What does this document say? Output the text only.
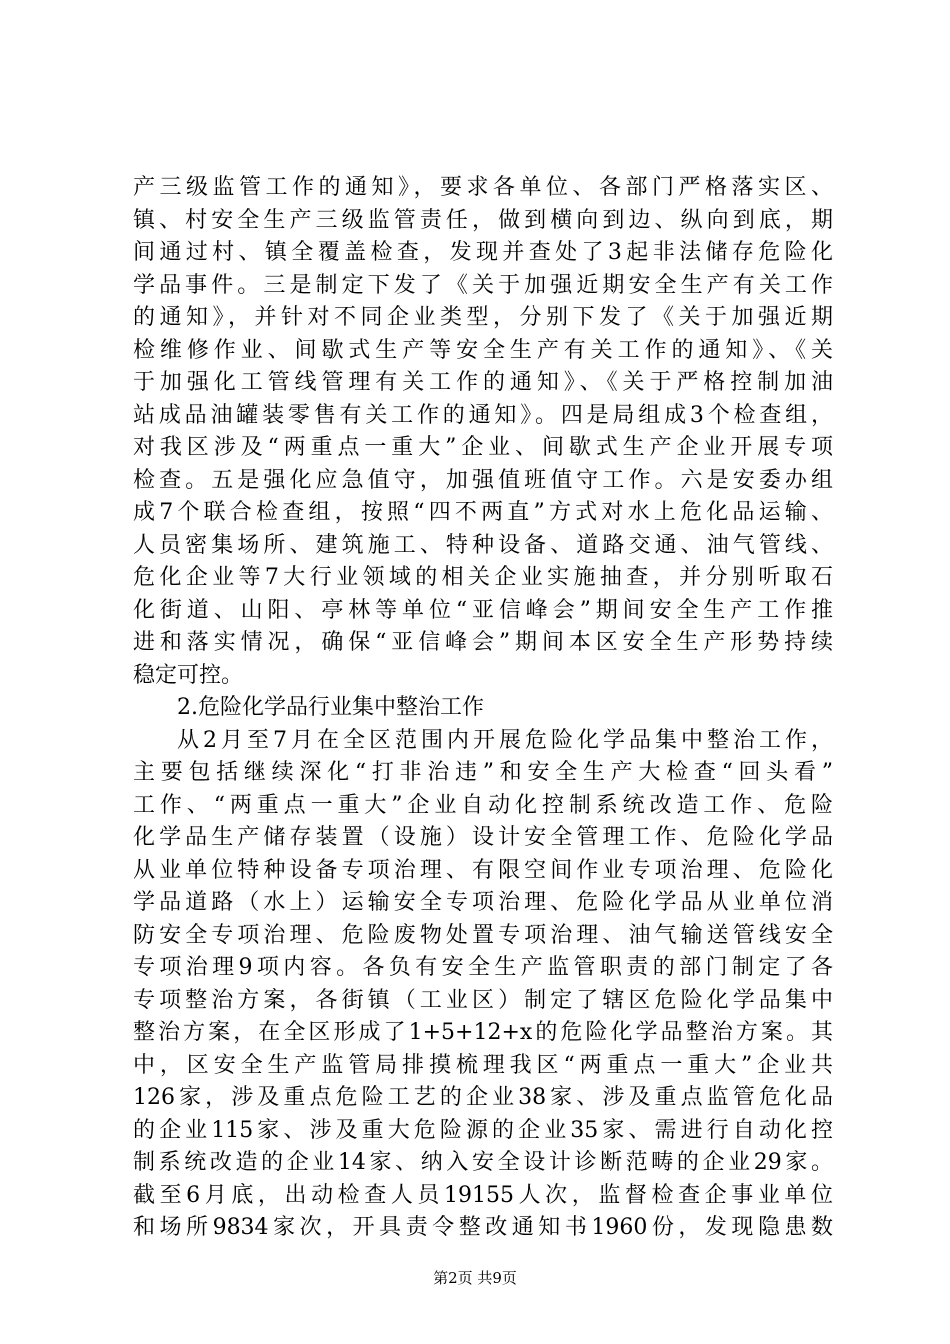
产三级监管工作的通知》，要求各单位、各部门严格落实区、
镇、村安全生产三级监管责任，做到横向到边、纵向到底，期
间通过村、镇全覆盖检查，发现并查处了3起非法储存危险化
学品事件。三是制定下发了《关于加强近期安全生产有关工作
的通知》，并针对不同企业类型，分别下发了《关于加强近期
检维修作业、间歇式生产等安全生产有关工作的通知》、《关
于加强化工管线管理有关工作的通知》、《关于严格控制加油
站成品油罐装零售有关工作的通知》。四是局组成3个检查组，
对我区涉及“两重点一重大”企业、间歇式生产企业开展专项
检查。五是强化应急值守，加强值班值守工作。六是安委办组
成7个联合检查组，按照“四不两直”方式对水上危化品运输、
人员密集场所、建筑施工、特种设备、道路交通、油气管线、
危化企业等7大行业领域的相关企业实施抽查，并分别听取石
化街道、山阳、亭林等单位“亚信峰会”期间安全生产工作推
进和落实情况，确保“亚信峰会”期间本区安全生产形势持续
稳定可控。
2.危险化学品行业集中整治工作
从2月至7月在全区范围内开展危险化学品集中整治工作，
主要包括继续深化“打非治违”和安全生产大检查“回头看”
工作、“两重点一重大”企业自动化控制系统改造工作、危险
化学品生产储存装置（设施）设计安全管理工作、危险化学品
从业单位特种设备专项治理、有限空间作业专项治理、危险化
学品道路（水上）运输安全专项治理、危险化学品从业单位消
防安全专项治理、危险废物处置专项治理、油气输送管线安全
专项治理9项内容。各负有安全生产监管职责的部门制定了各
专项整治方案，各街镇（工业区）制定了辖区危险化学品集中
整治方案，在全区形成了1+5+12+x的危险化学品整治方案。其
中，区安全生产监管局排摸梳理我区“两重点一重大”企业共
126家，涉及重点危险工艺的企业38家、涉及重点监管危化品
的企业115家、涉及重大危险源的企业35家、需进行自动化控
制系统改造的企业14家、纳入安全设计诊断范畴的企业29家。
截至6月底，出动检查人员19155人次，监督检查企事业单位
和场所9834家次，开具责令整改通知书1960份，发现隐患数
第2页 共9页
